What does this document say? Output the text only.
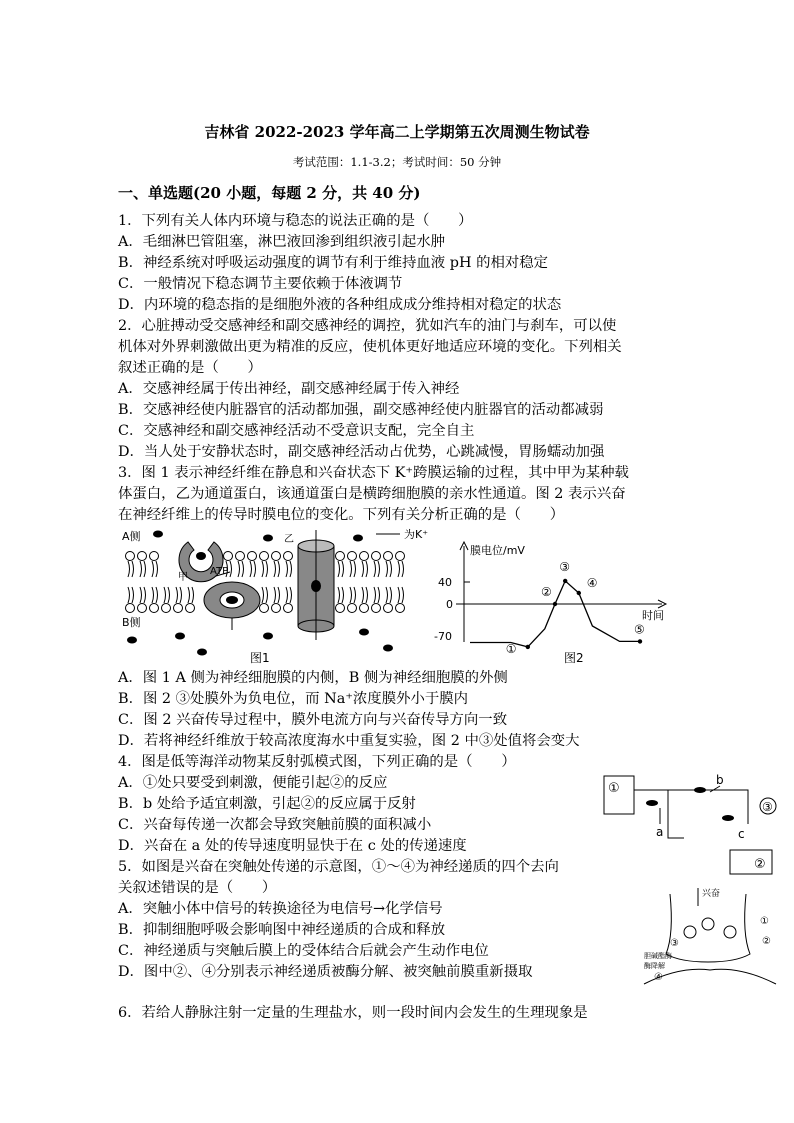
吉林省 2022-2023 学年高二上学期第五次周测生物试卷
考试范围：1.1-3.2；考试时间：50 分钟
一、单选题(20 小题，每题 2 分，共 40 分)
1．下列有关人体内环境与稳态的说法正确的是（　　）
A．毛细淋巴管阻塞，淋巴液回渗到组织液引起水肿
B．神经系统对呼吸运动强度的调节有利于维持血液 pH 的相对稳定
C．一般情况下稳态调节主要依赖于体液调节
D．内环境的稳态指的是细胞外液的各种组成成分维持相对稳定的状态
2．心脏搏动受交感神经和副交感神经的调控，犹如汽车的油门与刹车，可以使
机体对外界刺激做出更为精准的反应，使机体更好地适应环境的变化。下列相关
叙述正确的是（　　）
A．交感神经属于传出神经，副交感神经属于传入神经
B．交感神经使内脏器官的活动都加强，副交感神经使内脏器官的活动都减弱
C．交感神经和副交感神经活动不受意识支配，完全自主
D．当人处于安静状态时，副交感神经活动占优势，心跳减慢，胃肠蠕动加强
3．图 1 表示神经纤维在静息和兴奋状态下 K⁺跨膜运输的过程，其中甲为某种载
体蛋白，乙为通道蛋白，该通道蛋白是横跨细胞膜的亲水性通道。图 2 表示兴奋
在神经纤维上的传导时膜电位的变化。下列有关分析正确的是（　　）
A侧
B侧
为K⁺
甲
ATP
乙
图1
膜电位/mV
时间
40
0
-70
①
②
③
④
⑤
图2
A．图 1 A 侧为神经细胞膜的内侧，B 侧为神经细胞膜的外侧
B．图 2 ③处膜外为负电位，而 Na⁺浓度膜外小于膜内
C．图 2 兴奋传导过程中，膜外电流方向与兴奋传导方向一致
D．若将神经纤维放于较高浓度海水中重复实验，图 2 中③处值将会变大
4．图是低等海洋动物某反射弧模式图，下列正确的是（　　）
A．①处只要受到刺激，便能引起②的反应
B．b 处给予适宜刺激，引起②的反应属于反射
C．兴奋每传递一次都会导致突触前膜的面积减小
D．兴奋在 a 处的传导速度明显快于在 c 处的传递速度
①
a
b
③
c
②
5．如图是兴奋在突触处传递的示意图，①～④为神经递质的四个去向
关叙述错误的是（　　）
A．突触小体中信号的转换途径为电信号→化学信号
B．抑制细胞呼吸会影响图中神经递质的合成和释放
C．神经递质与突触后膜上的受体结合后就会产生动作电位
D．图中②、④分别表示神经递质被酶分解、被突触前膜重新摄取
兴奋
胆碱酯酶
酶降解
①
②
③
④
6．若给人静脉注射一定量的生理盐水，则一段时间内会发生的生理现象是
